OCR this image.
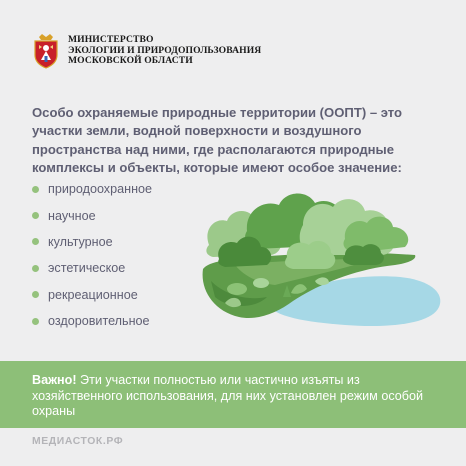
МИНИСТЕРСТВО
ЭКОЛОГИИ И ПРИРОДОПОЛЬЗОВАНИЯ
МОСКОВСКОЙ ОБЛАСТИ
Особо охраняемые природные территории (ООПТ) – это участки земли, водной поверхности и воздушного пространства над ними, где располагаются природные комплексы и объекты, которые имеют особое значение:
природоохранное
научное
культурное
эстетическое
рекреационное
оздоровительное
Важно! Эти участки полностью или частично изъяты из хозяйственного использования, для них установлен режим особой охраны
МЕДИАСТОК.РФ
